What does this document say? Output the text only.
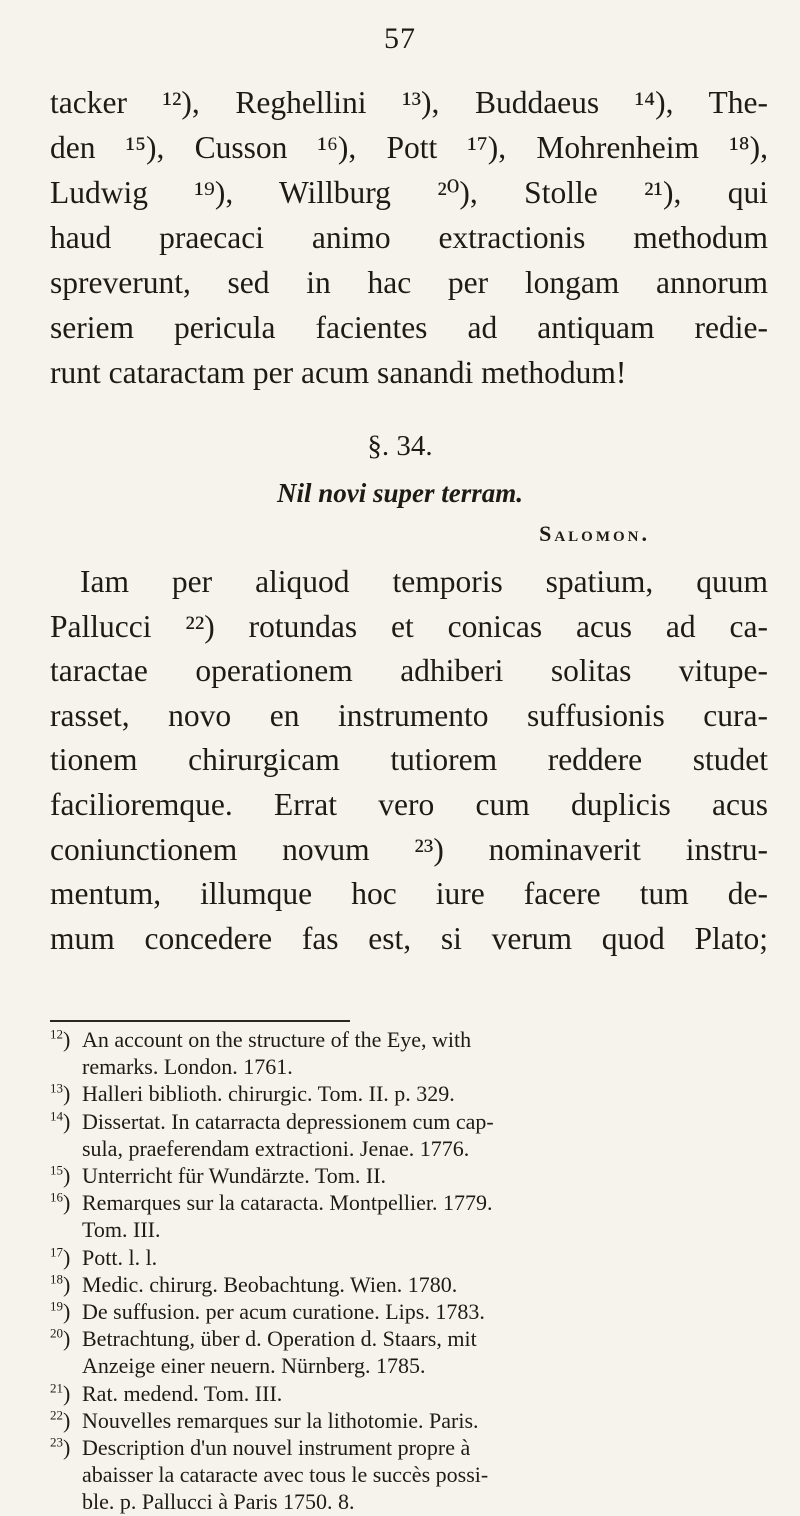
57
tacker ¹²), Reghellini ¹³), Buddaeus ¹⁴), The-
den ¹⁵), Cusson ¹⁶), Pott ¹⁷), Mohrenheim ¹⁸),
Ludwig ¹⁹), Willburg ²⁰), Stolle ²¹), qui
haud praecaci animo extractionis methodum
spreverunt, sed in hac per longam annorum
seriem pericula facientes ad antiquam redie-
runt cataractam per acum sanandi methodum!
§. 34.
Nil novi super terram.
Salomon.
Iam per aliquod temporis spatium, quum
Pallucci ²²) rotundas et conicas acus ad ca-
taractae operationem adhiberi solitas vitupe-
rasset, novo en instrumento suffusionis cura-
tionem chirurgicam tutiorem reddere studet
facilioremque. Errat vero cum duplicis acus
coniunctionem novum ²³) nominaverit instru-
mentum, illumque hoc iure facere tum de-
mum concedere fas est, si verum quod Plato;
$^{12}$) An account on the structure of the Eye, with
remarks. London. 1761.
$^{13}$) Halleri biblioth. chirurgic. Tom. II. p. 329.
$^{14}$) Dissertat. In catarracta depressionem cum cap-
sula, praeferendam extractioni. Jenae. 1776.
$^{15}$) Unterricht für Wundärzte. Tom. II.
$^{16}$) Remarques sur la cataracta. Montpellier. 1779.
Tom. III.
$^{17}$) Pott. l. l.
$^{18}$) Medic. chirurg. Beobachtung. Wien. 1780.
$^{19}$) De suffusion. per acum curatione. Lips. 1783.
$^{20}$) Betrachtung, über d. Operation d. Staars, mit
Anzeige einer neuern. Nürnberg. 1785.
$^{21}$) Rat. medend. Tom. III.
$^{22}$) Nouvelles remarques sur la lithotomie. Paris.
$^{23}$) Description d'un nouvel instrument propre à
abaisser la cataracte avec tous le succès possi-
ble. p. Pallucci à Paris 1750. 8.
